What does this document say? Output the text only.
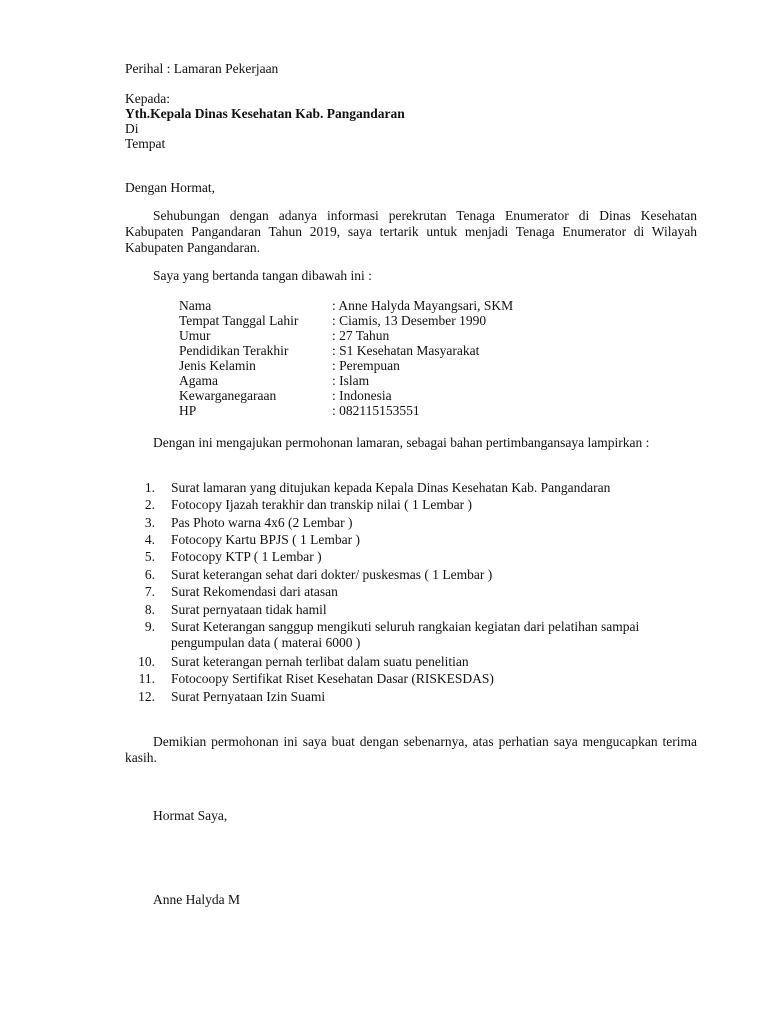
Perihal : Lamaran Pekerjaan
Kepada:
Yth.Kepala Dinas Kesehatan Kab. Pangandaran
Di
Tempat
Dengan Hormat,
Sehubungan dengan adanya informasi perekrutan Tenaga Enumerator di Dinas Kesehatan Kabupaten Pangandaran Tahun 2019, saya tertarik untuk menjadi Tenaga Enumerator di Wilayah Kabupaten Pangandaran.
Saya yang bertanda tangan dibawah ini :
Nama	: Anne Halyda Mayangsari, SKM
Tempat Tanggal Lahir : Ciamis, 13 Desember 1990
Umur	: 27 Tahun
Pendidikan Terakhir	: S1 Kesehatan Masyarakat
Jenis Kelamin	: Perempuan
Agama	: Islam
Kewarganegaraan	: Indonesia
HP	: 082115153551
Dengan ini mengajukan permohonan lamaran, sebagai bahan pertimbangansaya lampirkan :
1. Surat lamaran yang ditujukan kepada Kepala Dinas Kesehatan Kab. Pangandaran
2. Fotocopy Ijazah terakhir dan transkip nilai ( 1 Lembar )
3. Pas Photo warna 4x6 (2 Lembar )
4. Fotocopy Kartu BPJS ( 1 Lembar )
5. Fotocopy KTP ( 1 Lembar )
6. Surat keterangan sehat dari dokter/ puskesmas ( 1 Lembar )
7. Surat Rekomendasi dari atasan
8. Surat pernyataan tidak hamil
9. Surat Keterangan sanggup mengikuti seluruh rangkaian kegiatan dari pelatihan sampai pengumpulan data ( materai 6000 )
10. Surat keterangan pernah terlibat dalam suatu penelitian
11. Fotocoopy Sertifikat Riset Kesehatan Dasar (RISKESDAS)
12. Surat Pernyataan Izin Suami
Demikian permohonan ini saya buat dengan sebenarnya, atas perhatian saya mengucapkan terima kasih.
Hormat Saya,
Anne Halyda M
